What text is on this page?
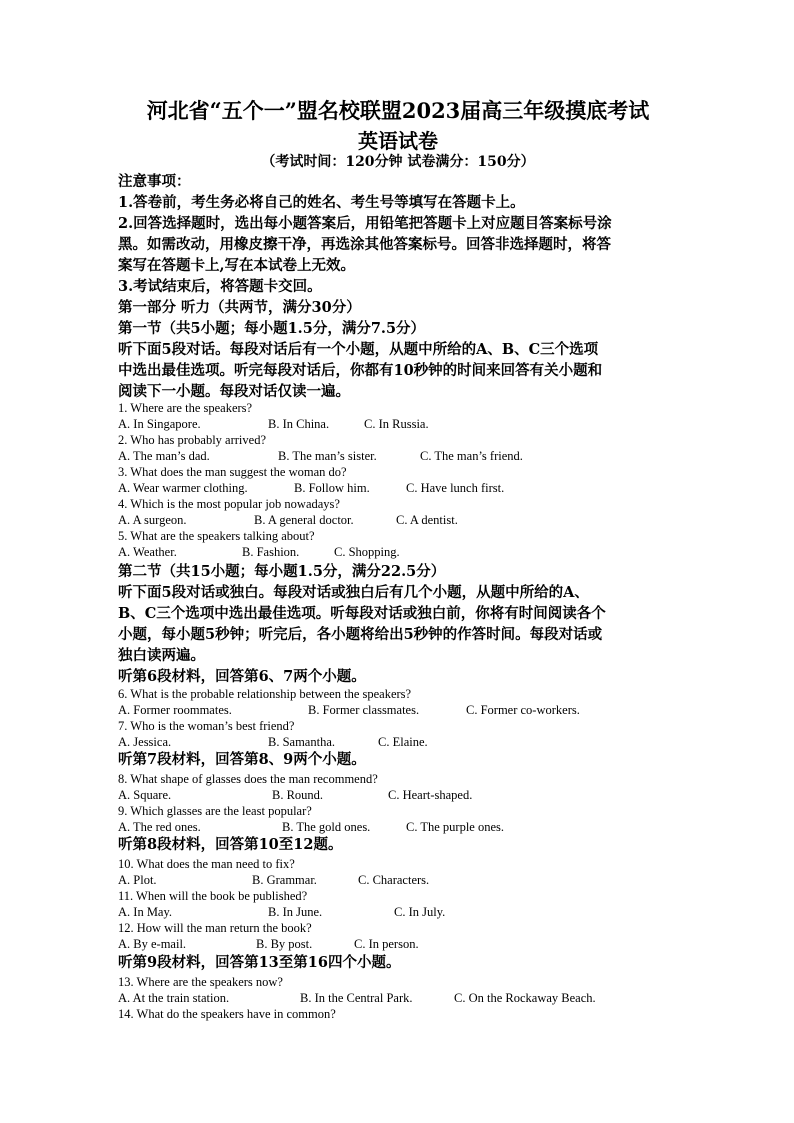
河北省“五个一”盟名校联盟2023届高三年级摸底考试
英语试卷
（考试时间：120分钟 试卷满分：150分）
注意事项：
1.答卷前，考生务必将自己的姓名、考生号等填写在答题卡上。
2.回答选择题时，选出每小题答案后，用铅笔把答题卡上对应题目答案标号涂
黑。如需改动，用橡皮擦干净，再选涂其他答案标号。回答非选择题时，将答
案写在答题卡上,写在本试卷上无效。
3.考试结束后，将答题卡交回。
第一部分 听力（共两节，满分30分）
第一节（共5小题；每小题1.5分，满分7.5分）
听下面5段对话。每段对话后有一个小题，从题中所给的A、B、C三个选项
中选出最佳选项。听完每段对话后，你都有10秒钟的时间来回答有关小题和
阅读下一小题。每段对话仅读一遍。
1. Where are the speakers?
A. In Singapore.	B. In China.	C. In Russia.
2. Who has probably arrived?
A. The man’s dad.	B. The man’s sister.	C. The man’s friend.
3. What does the man suggest the woman do?
A. Wear warmer clothing.	B. Follow him.	C. Have lunch first.
4. Which is the most popular job nowadays?
A. A surgeon.	B. A general doctor.	C. A dentist.
5. What are the speakers talking about?
A. Weather.	B. Fashion.	C. Shopping.
第二节（共15小题；每小题1.5分，满分22.5分）
听下面5段对话或独白。每段对话或独白后有几个小题，从题中所给的A、
B、C三个选项中选出最佳选项。听每段对话或独白前，你将有时间阅读各个
小题，每小题5秒钟；听完后，各小题将给出5秒钟的作答时间。每段对话或
独白读两遍。
听第6段材料，回答第6、7两个小题。
6. What is the probable relationship between the speakers?
A. Former roommates.	B. Former classmates.	C. Former co-workers.
7. Who is the woman’s best friend?
A. Jessica.	B. Samantha.	C. Elaine.
听第7段材料，回答第8、9两个小题。
8. What shape of glasses does the man recommend?
A. Square.	B. Round.	C. Heart-shaped.
9. Which glasses are the least popular?
A. The red ones.	B. The gold ones.	C. The purple ones.
听第8段材料，回答第10至12题。
10. What does the man need to fix?
A. Plot.	B. Grammar.	C. Characters.
11. When will the book be published?
A. In May.	B. In June.	C. In July.
12. How will the man return the book?
A. By e-mail.	B. By post.	C. In person.
听第9段材料，回答第13至第16四个小题。
13. Where are the speakers now?
A. At the train station.	B. In the Central Park.	C. On the Rockaway Beach.
14. What do the speakers have in common?
